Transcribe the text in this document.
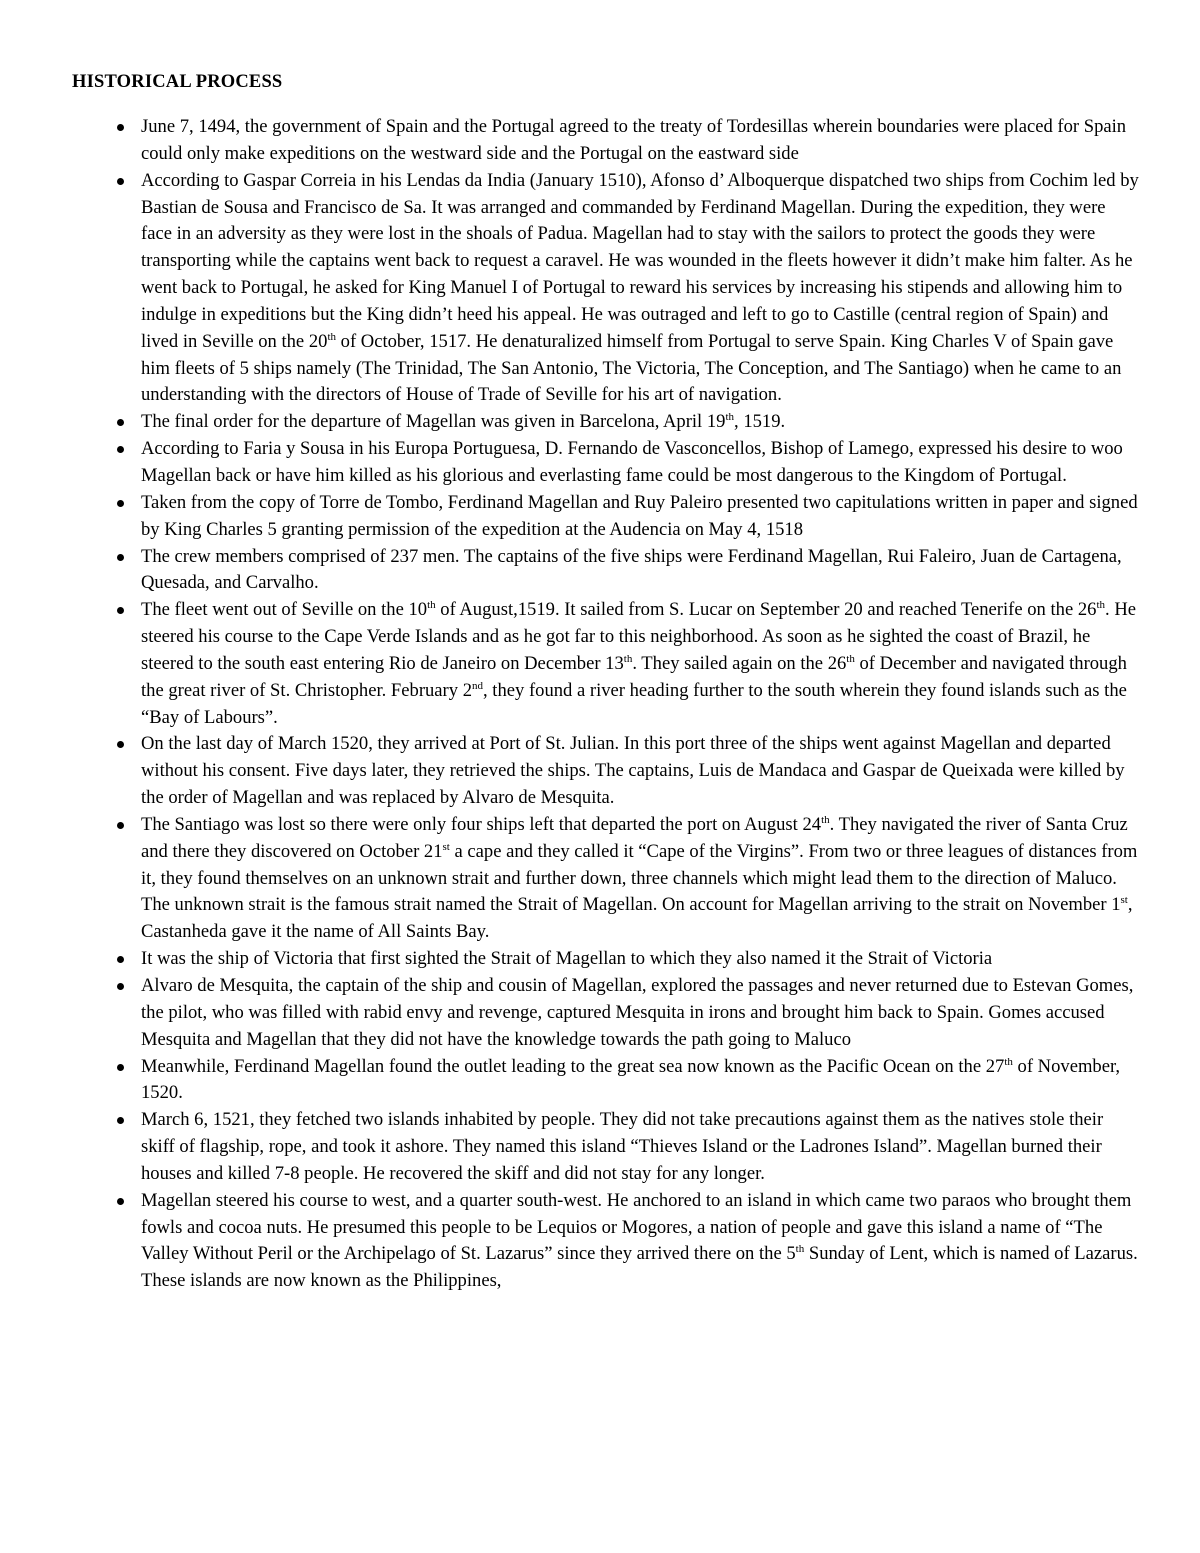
HISTORICAL PROCESS
June 7, 1494, the government of Spain and the Portugal agreed to the treaty of Tordesillas wherein boundaries were placed for Spain could only make expeditions on the westward side and the Portugal on the eastward side
According to Gaspar Correia in his Lendas da India (January 1510), Afonso d’ Alboquerque dispatched two ships from Cochim led by Bastian de Sousa and Francisco de Sa. It was arranged and commanded by Ferdinand Magellan. During the expedition, they were face in an adversity as they were lost in the shoals of Padua. Magellan had to stay with the sailors to protect the goods they were transporting while the captains went back to request a caravel. He was wounded in the fleets however it didn’t make him falter. As he went back to Portugal, he asked for King Manuel I of Portugal to reward his services by increasing his stipends and allowing him to indulge in expeditions but the King didn’t heed his appeal. He was outraged and left to go to Castille (central region of Spain) and lived in Seville on the 20th of October, 1517. He denaturalized himself from Portugal to serve Spain. King Charles V of Spain gave him fleets of 5 ships namely (The Trinidad, The San Antonio, The Victoria, The Conception, and The Santiago) when he came to an understanding with the directors of House of Trade of Seville for his art of navigation.
The final order for the departure of Magellan was given in Barcelona, April 19th, 1519.
According to Faria y Sousa in his Europa Portuguesa, D. Fernando de Vasconcellos, Bishop of Lamego, expressed his desire to woo Magellan back or have him killed as his glorious and everlasting fame could be most dangerous to the Kingdom of Portugal.
Taken from the copy of Torre de Tombo, Ferdinand Magellan and Ruy Paleiro presented two capitulations written in paper and signed by King Charles 5 granting permission of the expedition at the Audencia on May 4, 1518
The crew members comprised of 237 men. The captains of the five ships were Ferdinand Magellan, Rui Faleiro, Juan de Cartagena, Quesada, and Carvalho.
The fleet went out of Seville on the 10th of August,1519. It sailed from S. Lucar on September 20 and reached Tenerife on the 26th. He steered his course to the Cape Verde Islands and as he got far to this neighborhood. As soon as he sighted the coast of Brazil, he steered to the south east entering Rio de Janeiro on December 13th. They sailed again on the 26th of December and navigated through the great river of St. Christopher. February 2nd, they found a river heading further to the south wherein they found islands such as the “Bay of Labours”.
On the last day of March 1520, they arrived at Port of St. Julian. In this port three of the ships went against Magellan and departed without his consent. Five days later, they retrieved the ships. The captains, Luis de Mandaca and Gaspar de Queixada were killed by the order of Magellan and was replaced by Alvaro de Mesquita.
The Santiago was lost so there were only four ships left that departed the port on August 24th. They navigated the river of Santa Cruz and there they discovered on October 21st a cape and they called it “Cape of the Virgins”. From two or three leagues of distances from it, they found themselves on an unknown strait and further down, three channels which might lead them to the direction of Maluco. The unknown strait is the famous strait named the Strait of Magellan. On account for Magellan arriving to the strait on November 1st, Castanheda gave it the name of All Saints Bay.
It was the ship of Victoria that first sighted the Strait of Magellan to which they also named it the Strait of Victoria
Alvaro de Mesquita, the captain of the ship and cousin of Magellan, explored the passages and never returned due to Estevan Gomes, the pilot, who was filled with rabid envy and revenge, captured Mesquita in irons and brought him back to Spain. Gomes accused Mesquita and Magellan that they did not have the knowledge towards the path going to Maluco
Meanwhile, Ferdinand Magellan found the outlet leading to the great sea now known as the Pacific Ocean on the 27th of November, 1520.
March 6, 1521, they fetched two islands inhabited by people. They did not take precautions against them as the natives stole their skiff of flagship, rope, and took it ashore. They named this island “Thieves Island or the Ladrones Island”. Magellan burned their houses and killed 7-8 people. He recovered the skiff and did not stay for any longer.
Magellan steered his course to west, and a quarter south-west. He anchored to an island in which came two paraos who brought them fowls and cocoa nuts. He presumed this people to be Lequios or Mogores, a nation of people and gave this island a name of “The Valley Without Peril or the Archipelago of St. Lazarus” since they arrived there on the 5th Sunday of Lent, which is named of Lazarus. These islands are now known as the Philippines,
